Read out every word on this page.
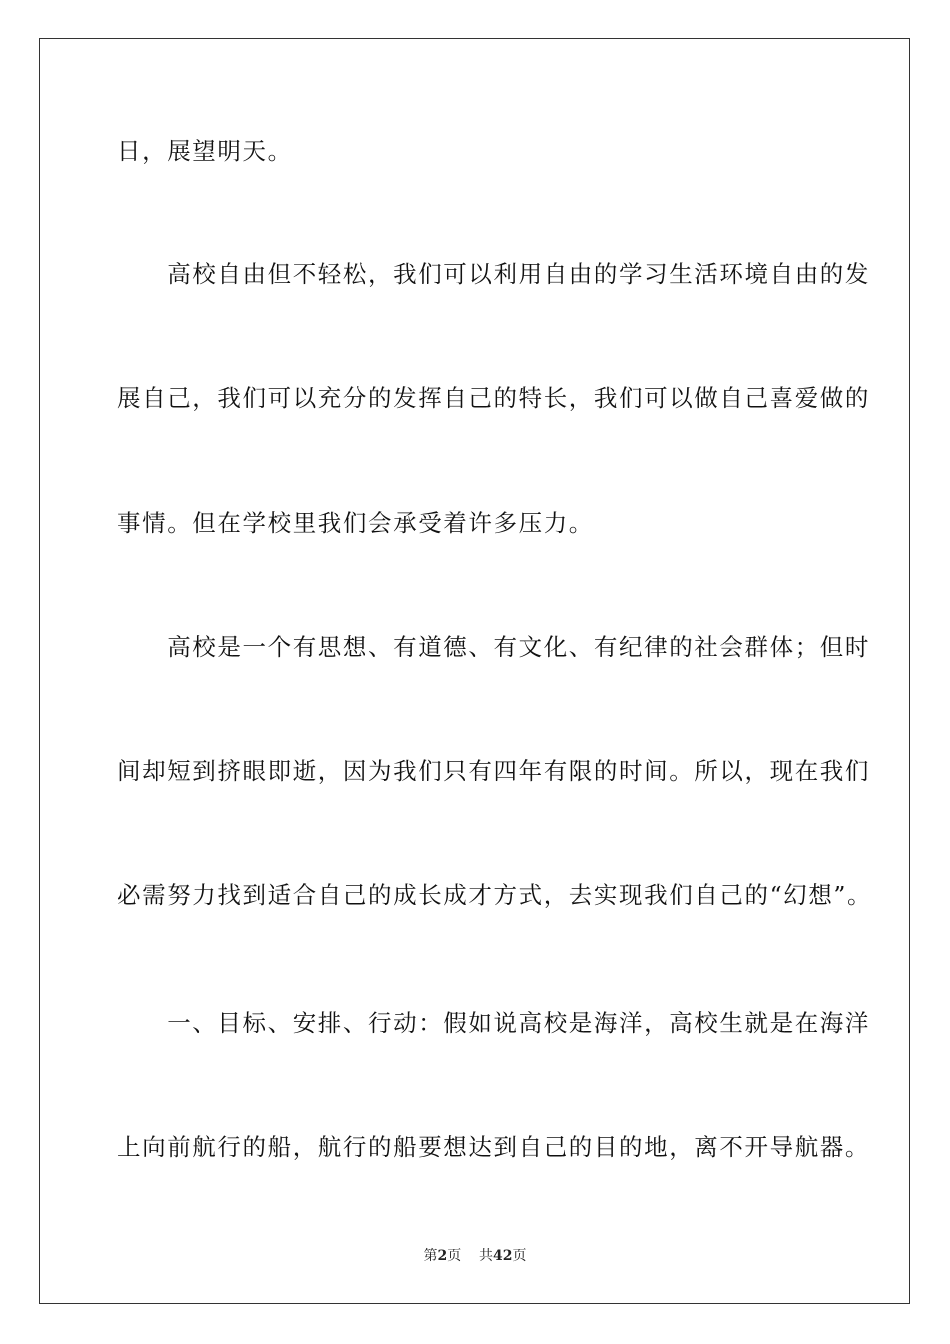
日，展望明天。
　　高校自由但不轻松，我们可以利用自由的学习生活环境自由的发
展自己，我们可以充分的发挥自己的特长，我们可以做自己喜爱做的
事情。但在学校里我们会承受着许多压力。
　　高校是一个有思想、有道德、有文化、有纪律的社会群体；但时
间却短到挤眼即逝，因为我们只有四年有限的时间。所以，现在我们
必需努力找到适合自己的成长成才方式，去实现我们自己的“幻想”。
　　一、目标、安排、行动：假如说高校是海洋，高校生就是在海洋
上向前航行的船，航行的船要想达到自己的目的地，离不开导航器。
第2页 共42页
